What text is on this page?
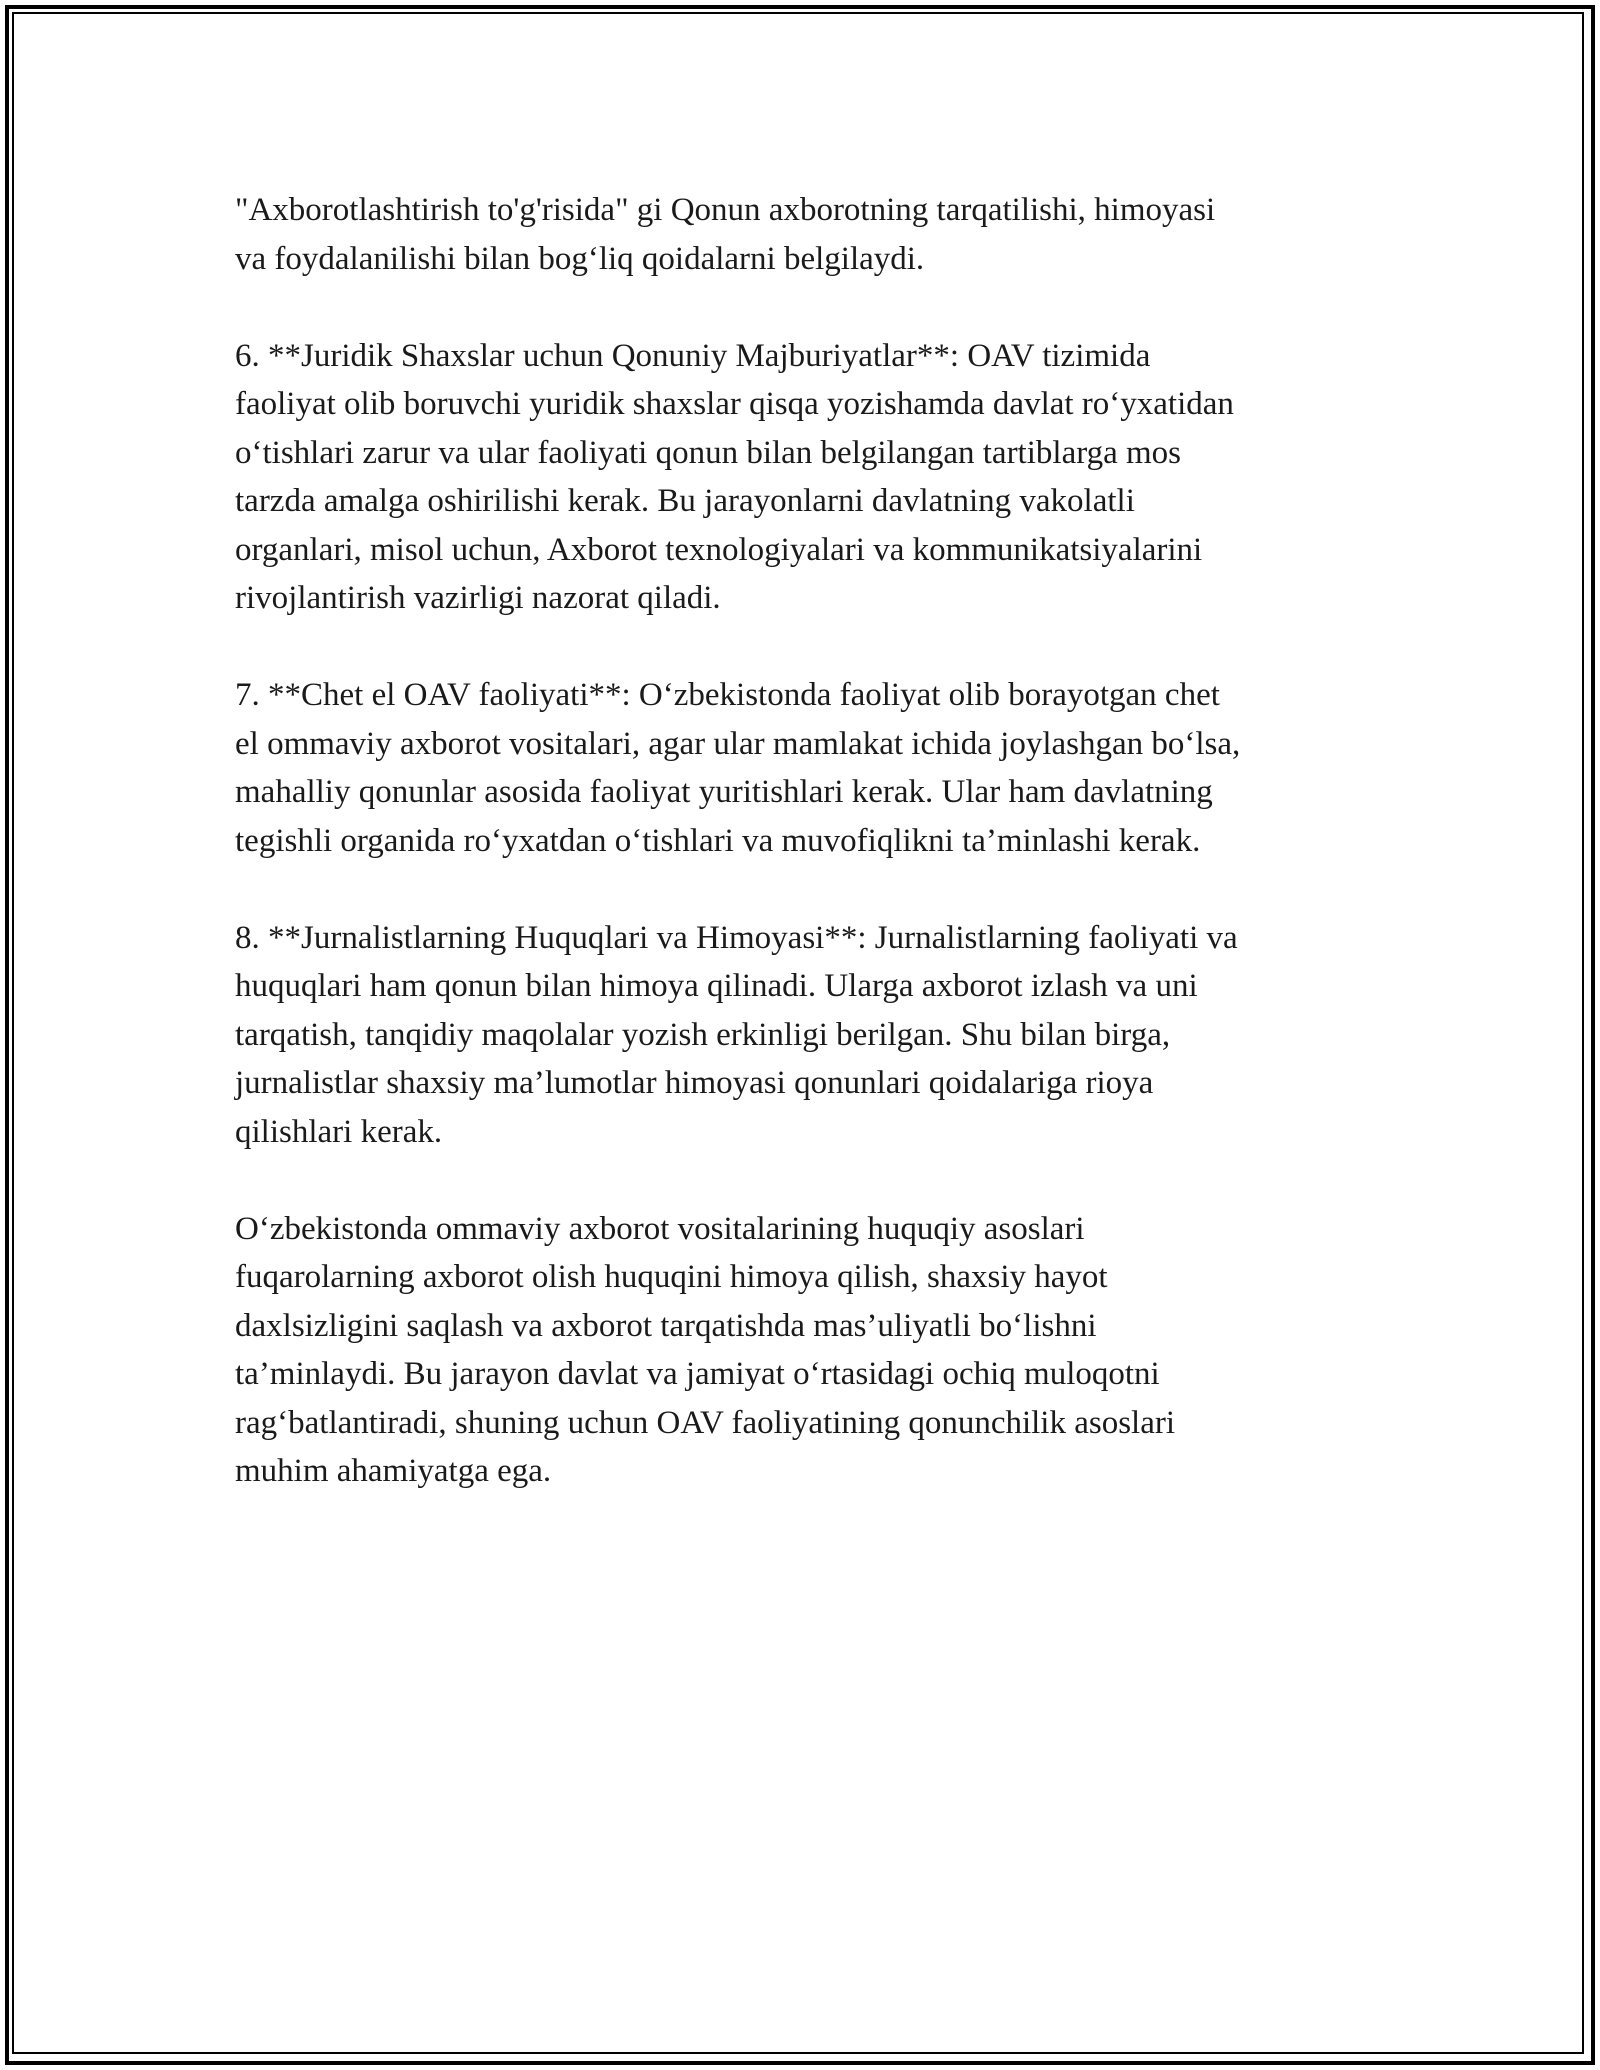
"Axborotlashtirish to'g'risida" gi Qonun axborotning tarqatilishi, himoyasi
va foydalanilishi bilan bog‘liq qoidalarni belgilaydi.

6. **Juridik Shaxslar uchun Qonuniy Majburiyatlar**: OAV tizimida
faoliyat olib boruvchi yuridik shaxslar qisqa yozishamda davlat ro‘yxatidan
o‘tishlari zarur va ular faoliyati qonun bilan belgilangan tartiblarga mos
tarzda amalga oshirilishi kerak. Bu jarayonlarni davlatning vakolatli
organlari, misol uchun, Axborot texnologiyalari va kommunikatsiyalarini
rivojlantirish vazirligi nazorat qiladi.

7. **Chet el OAV faoliyati**: O‘zbekistonda faoliyat olib borayotgan chet
el ommaviy axborot vositalari, agar ular mamlakat ichida joylashgan bo‘lsa,
mahalliy qonunlar asosida faoliyat yuritishlari kerak. Ular ham davlatning
tegishli organida ro‘yxatdan o‘tishlari va muvofiqlikni ta’minlashi kerak.

8. **Jurnalistlarning Huquqlari va Himoyasi**: Jurnalistlarning faoliyati va
huquqlari ham qonun bilan himoya qilinadi. Ularga axborot izlash va uni
tarqatish, tanqidiy maqolalar yozish erkinligi berilgan. Shu bilan birga,
jurnalistlar shaxsiy ma’lumotlar himoyasi qonunlari qoidalariga rioya
qilishlari kerak.

O‘zbekistonda ommaviy axborot vositalarining huquqiy asoslari
fuqarolarning axborot olish huquqini himoya qilish, shaxsiy hayot
daxlsizligini saqlash va axborot tarqatishda mas’uliyatli bo‘lishni
ta’minlaydi. Bu jarayon davlat va jamiyat o‘rtasidagi ochiq muloqotni
rag‘batlantiradi, shuning uchun OAV faoliyatining qonunchilik asoslari
muhim ahamiyatga ega.
